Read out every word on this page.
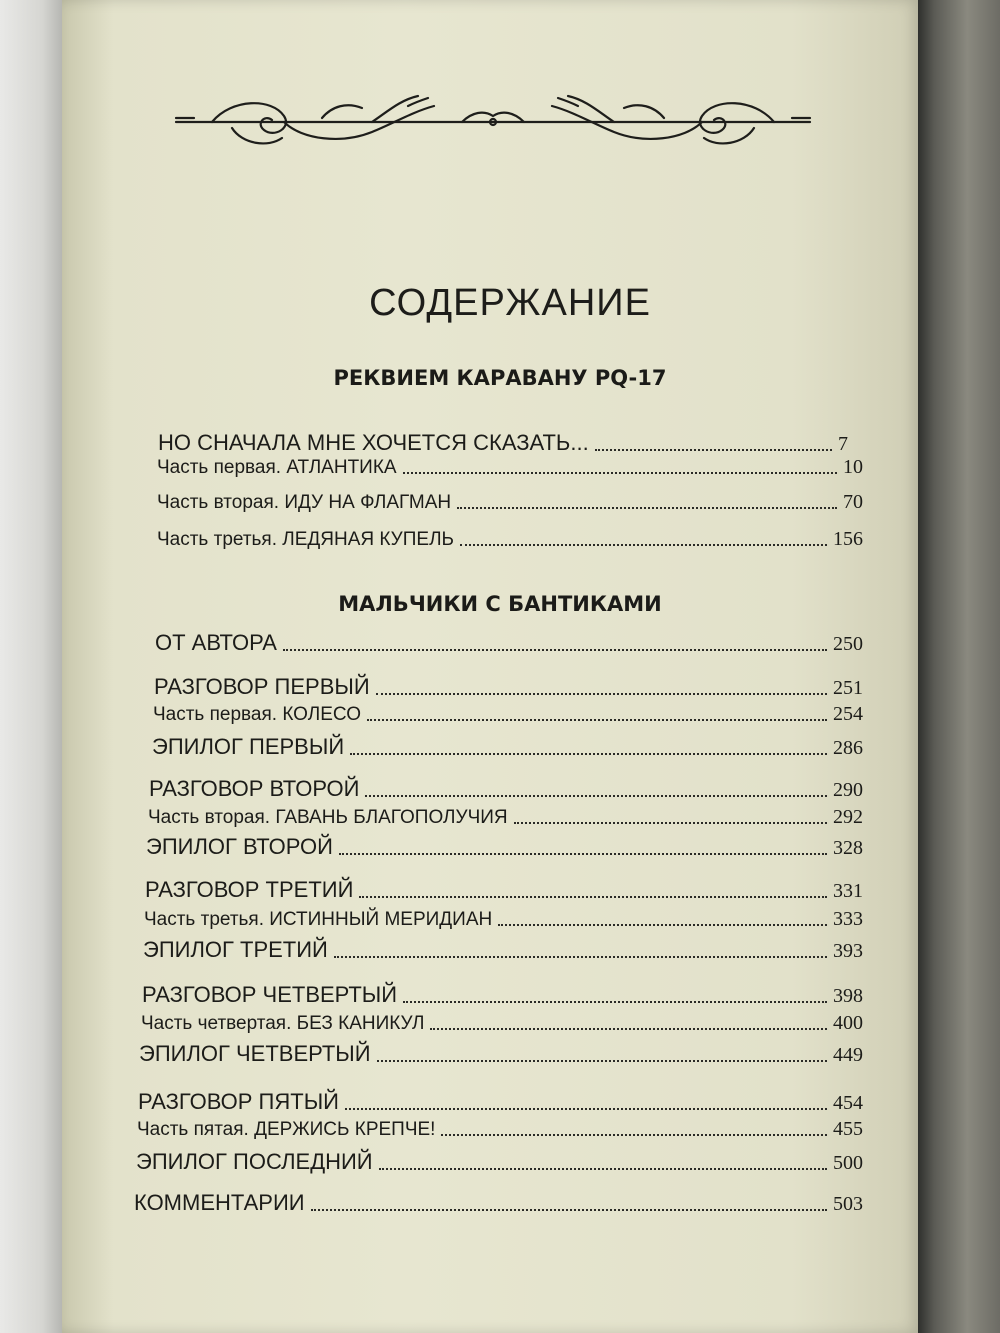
СОДЕРЖАНИЕ
РЕКВИЕМ КАРАВАНУ PQ-17
НО СНАЧАЛА МНЕ ХОЧЕТСЯ СКАЗАТЬ...	7
Часть первая. АТЛАНТИКА	10
Часть вторая. ИДУ НА ФЛАГМАН	70
Часть третья. ЛЕДЯНАЯ КУПЕЛЬ	156
МАЛЬЧИКИ С БАНТИКАМИ
ОТ АВТОРА	250
РАЗГОВОР ПЕРВЫЙ	251
Часть первая. КОЛЕСО	254
ЭПИЛОГ ПЕРВЫЙ	286
РАЗГОВОР ВТОРОЙ	290
Часть вторая. ГАВАНЬ БЛАГОПОЛУЧИЯ	292
ЭПИЛОГ ВТОРОЙ	328
РАЗГОВОР ТРЕТИЙ	331
Часть третья. ИСТИННЫЙ МЕРИДИАН	333
ЭПИЛОГ ТРЕТИЙ	393
РАЗГОВОР ЧЕТВЕРТЫЙ	398
Часть четвертая. БЕЗ КАНИКУЛ	400
ЭПИЛОГ ЧЕТВЕРТЫЙ	449
РАЗГОВОР ПЯТЫЙ	454
Часть пятая. ДЕРЖИСЬ КРЕПЧЕ!	455
ЭПИЛОГ ПОСЛЕДНИЙ	500
КОММЕНТАРИИ	503
